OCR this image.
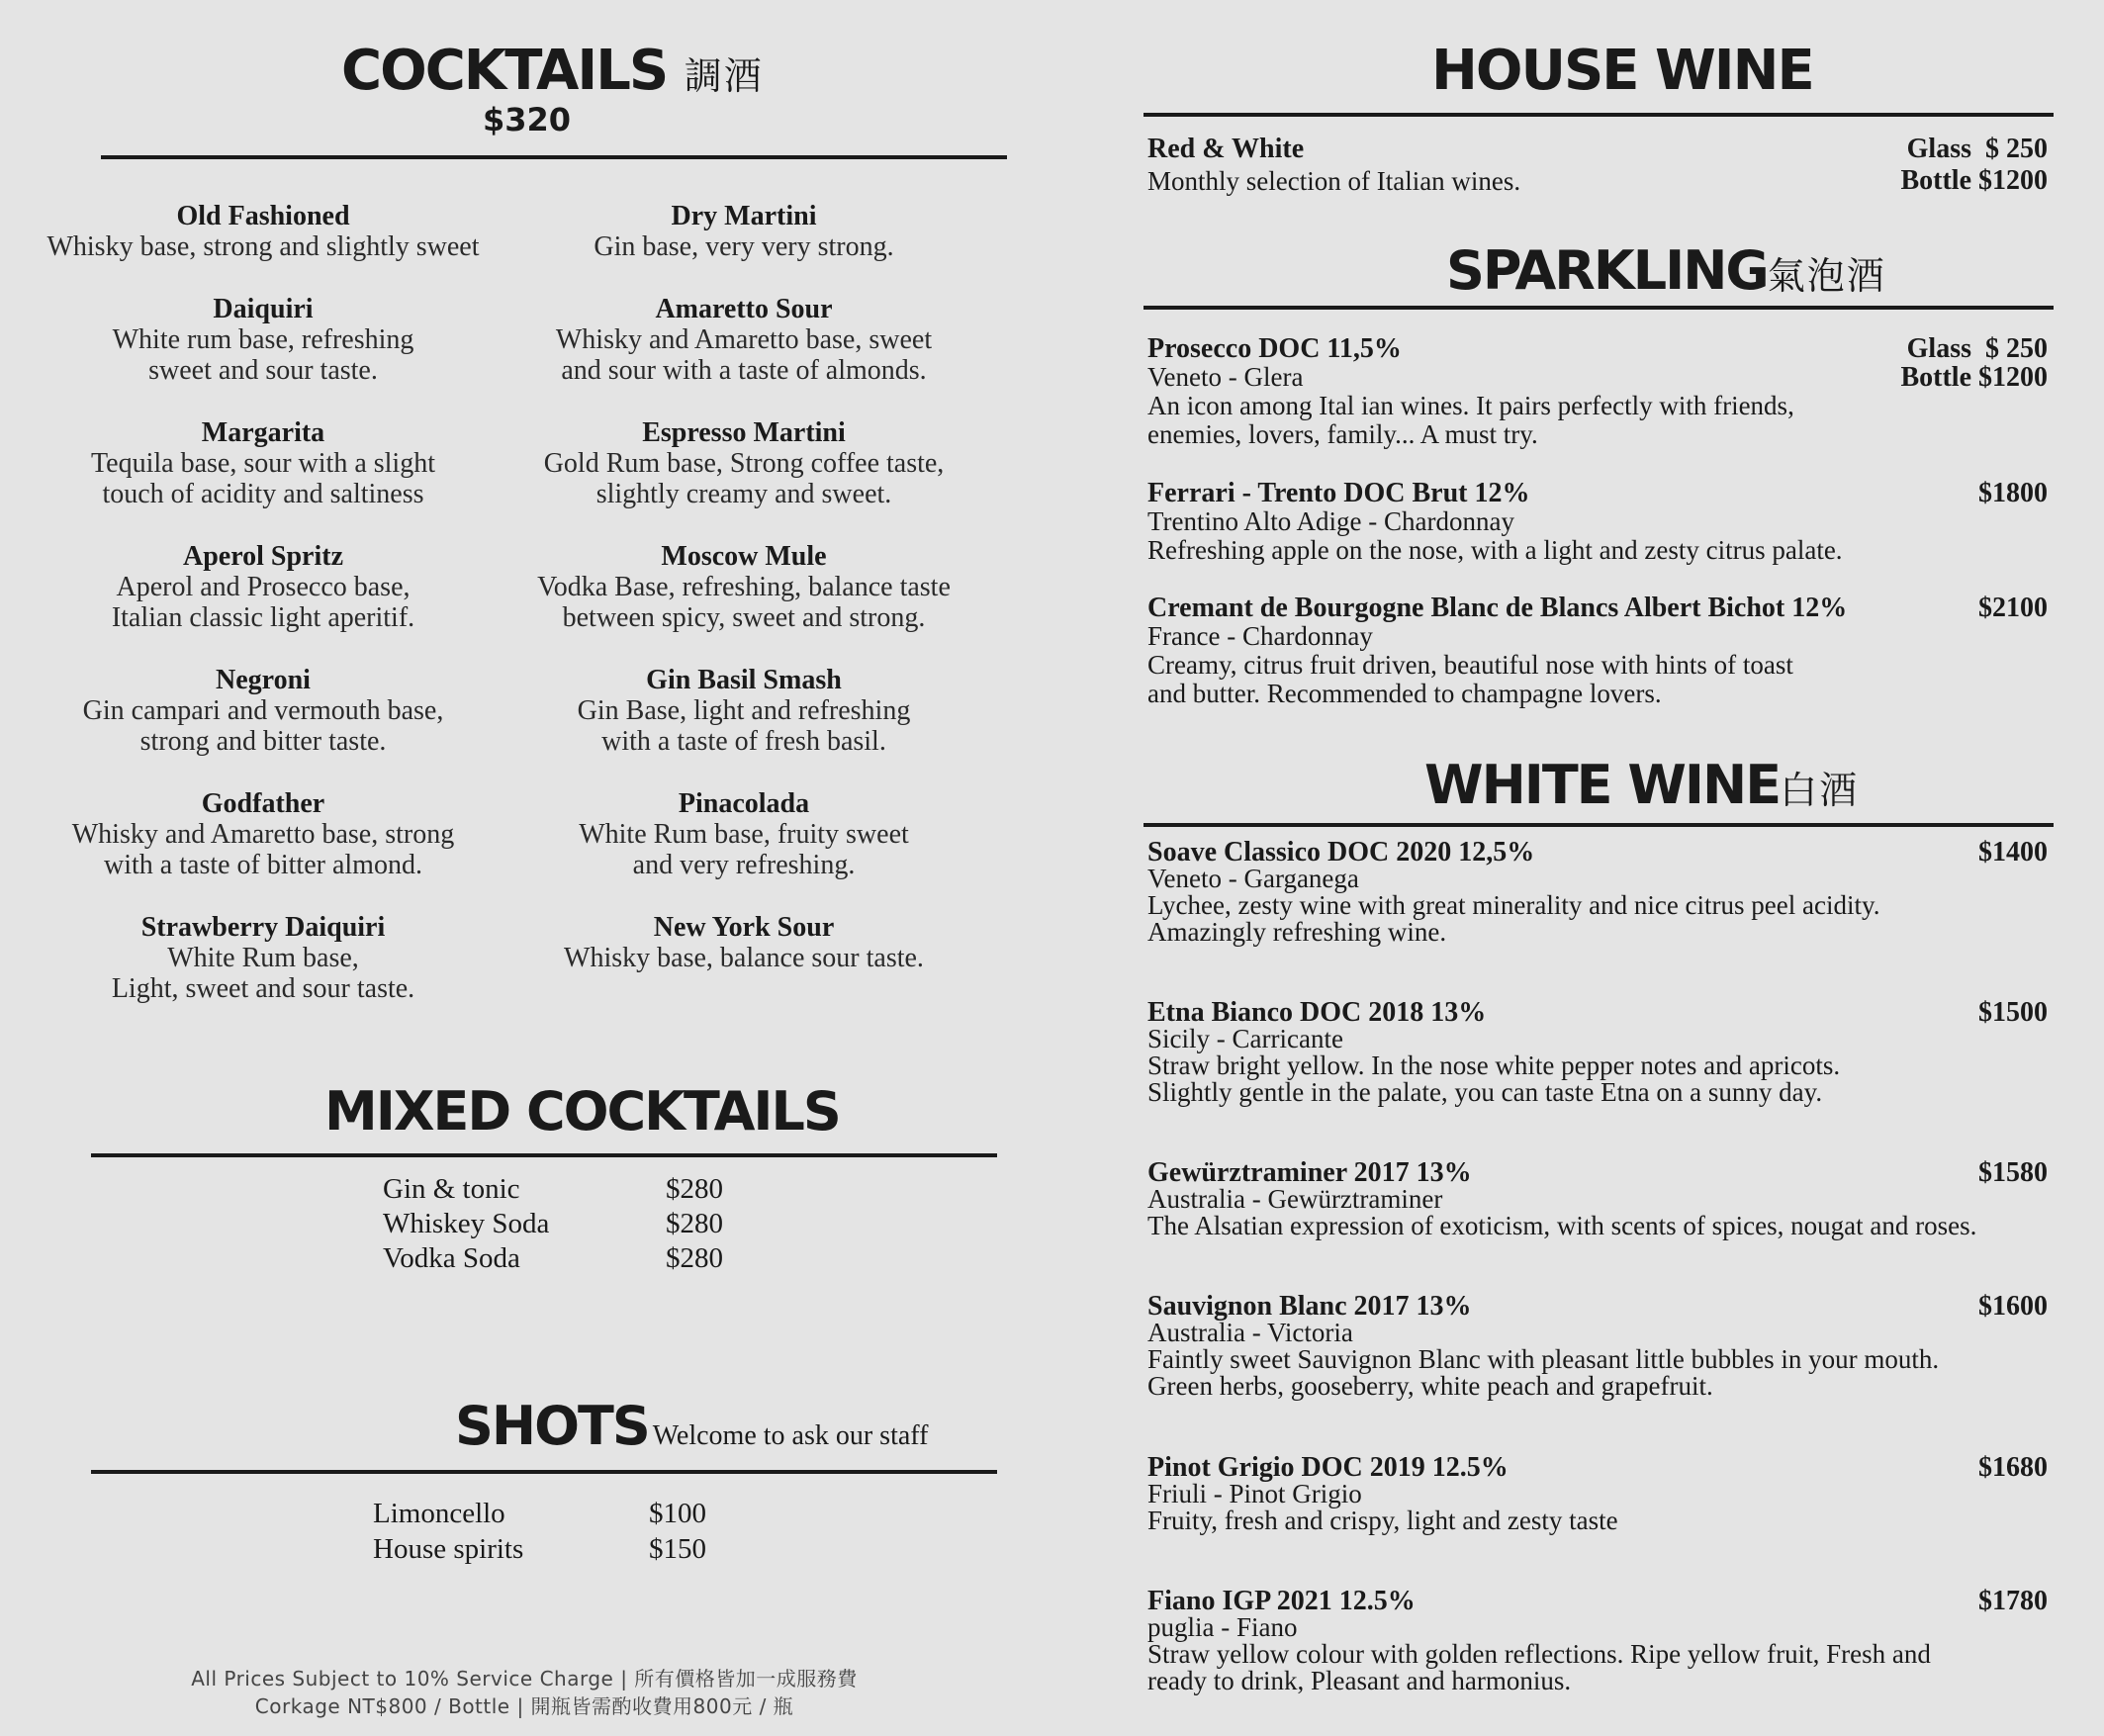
COCKTAILS 調酒
$320
Old Fashioned
Whisky base, strong and slightly sweet
Daiquiri
White rum base, refreshing
sweet and sour taste.
Margarita
Tequila base, sour with a slight
touch of acidity and saltiness
Aperol Spritz
Aperol and Prosecco base,
Italian classic light aperitif.
Negroni
Gin campari and vermouth base,
strong and bitter taste.
Godfather
Whisky and Amaretto base, strong
with a taste of bitter almond.
Strawberry Daiquiri
White Rum base,
Light, sweet and sour taste.
Dry Martini
Gin base, very very strong.
Amaretto Sour
Whisky and Amaretto base, sweet
and sour with a taste of almonds.
Espresso Martini
Gold Rum base, Strong coffee taste,
slightly creamy and sweet.
Moscow Mule
Vodka Base, refreshing, balance taste
between spicy, sweet and strong.
Gin Basil Smash
Gin Base, light and refreshing
with a taste of fresh basil.
Pinacolada
White Rum base, fruity sweet
and very refreshing.
New York Sour
Whisky base, balance sour taste.
MIXED COCKTAILS
Gin & tonic	$280
Whiskey Soda	$280
Vodka Soda	$280
SHOTS Welcome to ask our staff
Limoncello	$100
House spirits	$150
All Prices Subject to 10% Service Charge | 所有價格皆加一成服務費
Corkage NT$800 / Bottle | 開瓶皆需酌收費用800元 / 瓶
HOUSE WINE
Red & White
Monthly selection of Italian wines.
Glass $ 250
Bottle $1200
SPARKLING氣泡酒
Prosecco DOC 11,5%
Veneto - Glera
An icon among Ital ian wines. It pairs perfectly with friends,
enemies, lovers, family... A must try.
Glass  $ 250
Bottle $1200
Ferrari - Trento DOC Brut 12%
Trentino Alto Adige - Chardonnay
Refreshing apple on the nose, with a light and zesty citrus palate.
$1800
Cremant de Bourgogne Blanc de Blancs Albert Bichot 12%
France - Chardonnay
Creamy, citrus fruit driven, beautiful nose with hints of toast
and butter. Recommended to champagne lovers.
$2100
WHITE WINE白酒
Soave Classico DOC 2020 12,5%
Veneto - Garganega
Lychee, zesty wine with great minerality and nice citrus peel acidity.
Amazingly refreshing wine.
$1400
Etna Bianco DOC 2018 13%
Sicily - Carricante
Straw bright yellow. In the nose white pepper notes and apricots.
Slightly gentle in the palate, you can taste Etna on a sunny day.
$1500
Gewürztraminer 2017 13%
Australia - Gewürztraminer
The Alsatian expression of exoticism, with scents of spices, nougat and roses.
$1580
Sauvignon Blanc 2017 13%
Australia - Victoria
Faintly sweet Sauvignon Blanc with pleasant little bubbles in your mouth.
Green herbs, gooseberry, white peach and grapefruit.
$1600
Pinot Grigio DOC 2019 12.5%
Friuli - Pinot Grigio
Fruity, fresh and crispy, light and zesty taste
$1680
Fiano IGP 2021 12.5%
puglia - Fiano
Straw yellow colour with golden reflections. Ripe yellow fruit, Fresh and
ready to drink, Pleasant and harmonius.
$1780
